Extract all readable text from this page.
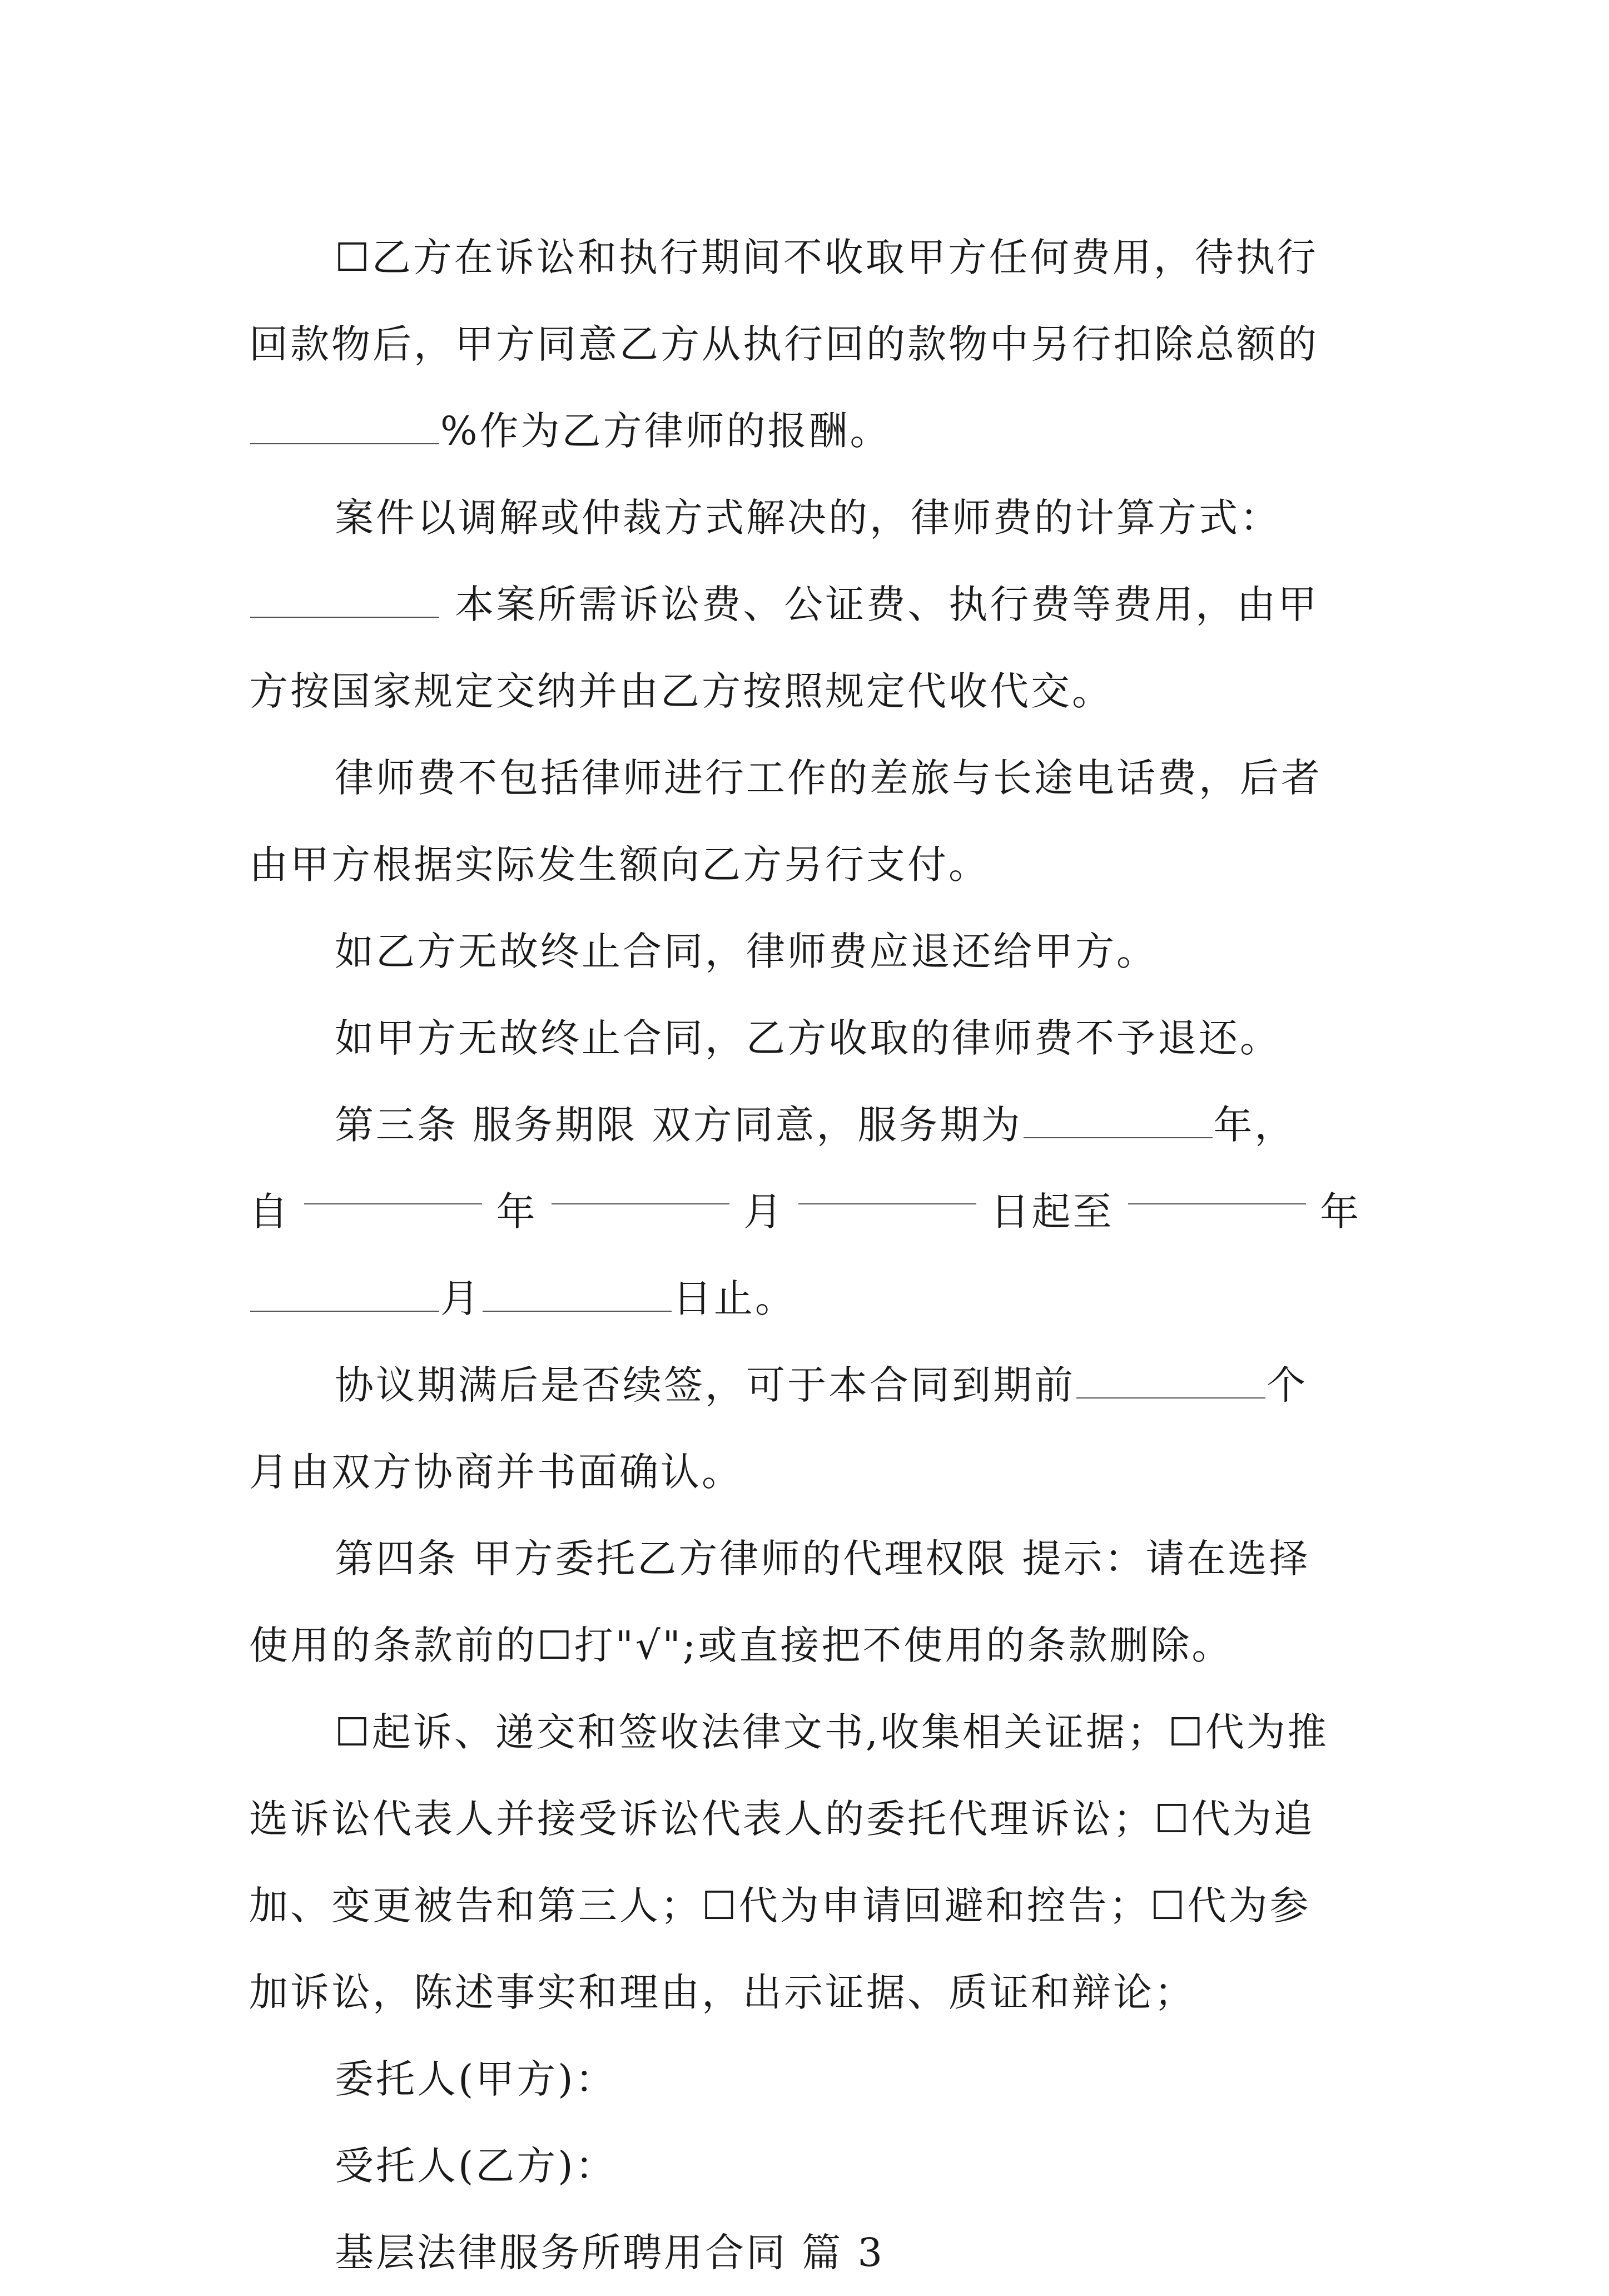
☐乙方在诉讼和执行期间不收取甲方任何费用，待执行
回款物后，甲方同意乙方从执行回的款物中另行扣除总额的
%作为乙方律师的报酬。
案件以调解或仲裁方式解决的，律师费的计算方式：
本案所需诉讼费、公证费、执行费等费用，由甲
方按国家规定交纳并由乙方按照规定代收代交。
律师费不包括律师进行工作的差旅与长途电话费，后者
由甲方根据实际发生额向乙方另行支付。
如乙方无故终止合同，律师费应退还给甲方。
如甲方无故终止合同，乙方收取的律师费不予退还。
第三条 服务期限 双方同意，服务期为	年，
自	年	月	日起至	年
月	日止。
协议期满后是否续签，可于本合同到期前	个
月由双方协商并书面确认。
第四条 甲方委托乙方律师的代理权限 提示：请在选择
使用的条款前的☐打"√";或直接把不使用的条款删除。
☐起诉、递交和签收法律文书,收集相关证据；☐代为推
选诉讼代表人并接受诉讼代表人的委托代理诉讼；☐代为追
加、变更被告和第三人；☐代为申请回避和控告；☐代为参
加诉讼，陈述事实和理由，出示证据、质证和辩论；
委托人(甲方)：
受托人(乙方)：
基层法律服务所聘用合同 篇 3
